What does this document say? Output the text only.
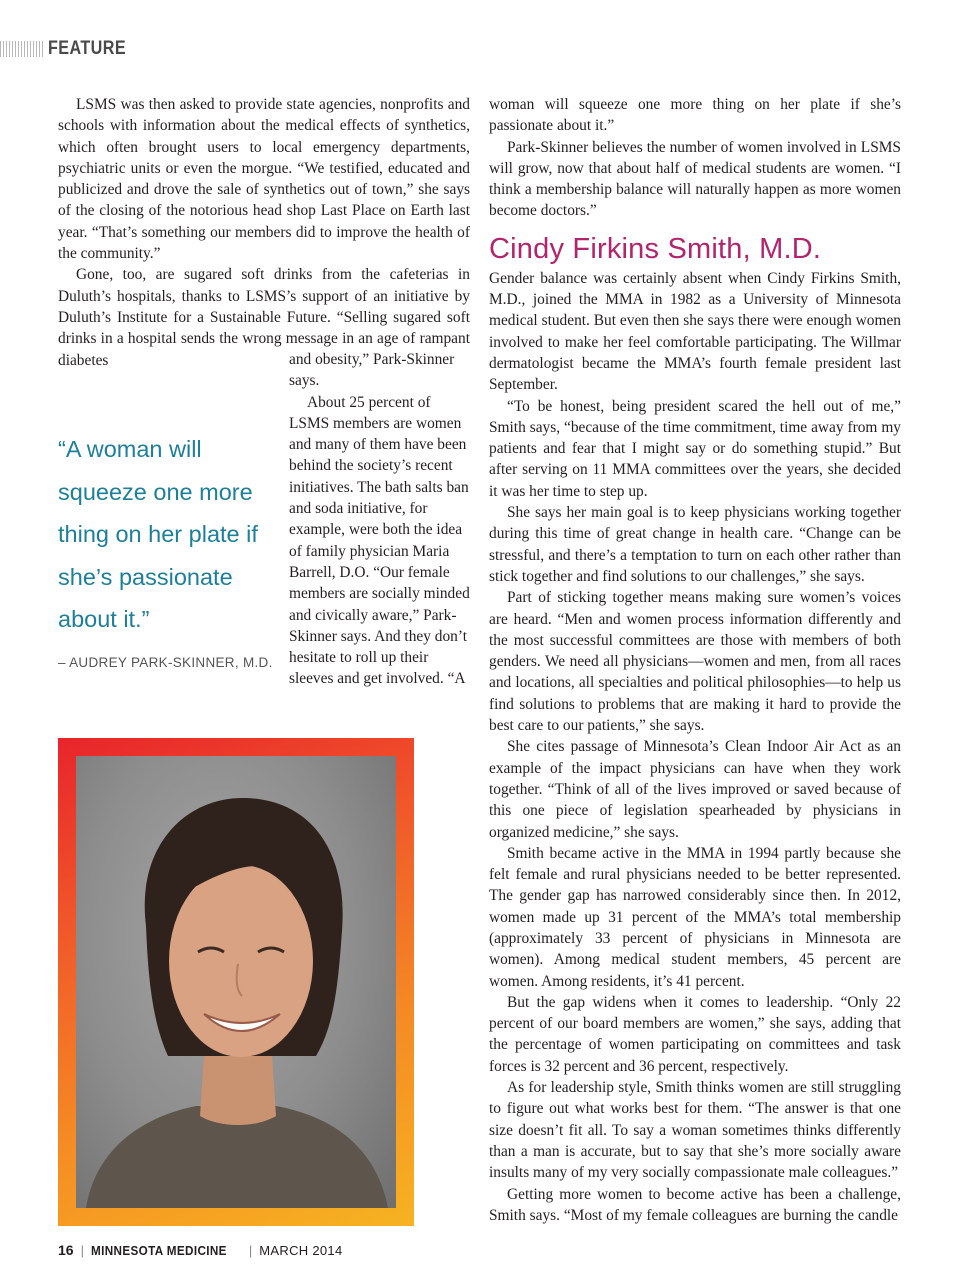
FEATURE

LSMS was then asked to provide state agencies, nonprofits and schools with information about the medical effects of synthetics, which often brought users to local emergency departments, psychiatric units or even the morgue. “We testified, educated and publicized and drove the sale of synthetics out of town,” she says of the closing of the notorious head shop Last Place on Earth last year. “That’s something our members did to improve the health of the community.”

Gone, too, are sugared soft drinks from the cafeterias in Duluth’s hospitals, thanks to LSMS’s support of an initiative by Duluth’s Institute for a Sustainable Future. “Selling sugared soft drinks in a hospital sends the wrong message in an age of rampant diabetes	and obesity,” Park-Skinner says.

About 25 percent of LSMS members are women and many of them have been behind the society’s recent initiatives. The bath salts ban and soda initiative, for example, were both the idea of family physician Maria Barrell, D.O. “Our female members are socially minded and civically aware,” Park-Skinner says. And they don’t hesitate to roll up their sleeves and get involved. “A

“A woman will squeeze one more thing on her plate if she’s passionate about it.”

– AUDREY PARK-SKINNER, M.D.

woman will squeeze one more thing on her plate if she’s passionate about it.”

Park-Skinner believes the number of women involved in LSMS will grow, now that about half of medical students are women. “I think a membership balance will naturally happen as more women become doctors.”

Cindy Firkins Smith, M.D.

Gender balance was certainly absent when Cindy Firkins Smith, M.D., joined the MMA in 1982 as a University of Minnesota medical student. But even then she says there were enough women involved to make her feel comfortable participating. The Willmar dermatologist became the MMA’s fourth female president last September.

“To be honest, being president scared the hell out of me,” Smith says, “because of the time commitment, time away from my patients and fear that I might say or do something stupid.” But after serving on 11 MMA committees over the years, she decided it was her time to step up.

She says her main goal is to keep physicians working together during this time of great change in health care. “Change can be stressful, and there’s a temptation to turn on each other rather than stick together and find solutions to our challenges,” she says.

Part of sticking together means making sure women’s voices are heard. “Men and women process information differently and the most successful committees are those with members of both genders. We need all physicians—women and men, from all races and locations, all specialties and political philosophies—to help us find solutions to problems that are making it hard to provide the best care to our patients,” she says.

She cites passage of Minnesota’s Clean Indoor Air Act as an example of the impact physicians can have when they work together. “Think of all of the lives improved or saved because of this one piece of legislation spearheaded by physicians in organized medicine,” she says.

Smith became active in the MMA in 1994 partly because she felt female and rural physicians needed to be better represented. The gender gap has narrowed considerably since then. In 2012, women made up 31 percent of the MMA’s total membership (approximately 33 percent of physicians in Minnesota are women). Among medical student members, 45 percent are women. Among residents, it’s 41 percent.

But the gap widens when it comes to leadership. “Only 22 percent of our board members are women,” she says, adding that the percentage of women participating on committees and task forces is 32 percent and 36 percent, respectively.

As for leadership style, Smith thinks women are still struggling to figure out what works best for them. “The answer is that one size doesn’t fit all. To say a woman sometimes thinks differently than a man is accurate, but to say that she’s more socially aware insults many of my very socially compassionate male colleagues.”

Getting more women to become active has been a challenge, Smith says. “Most of my female colleagues are burning the candle

16 | MINNESOTA MEDICINE | MARCH 2014
